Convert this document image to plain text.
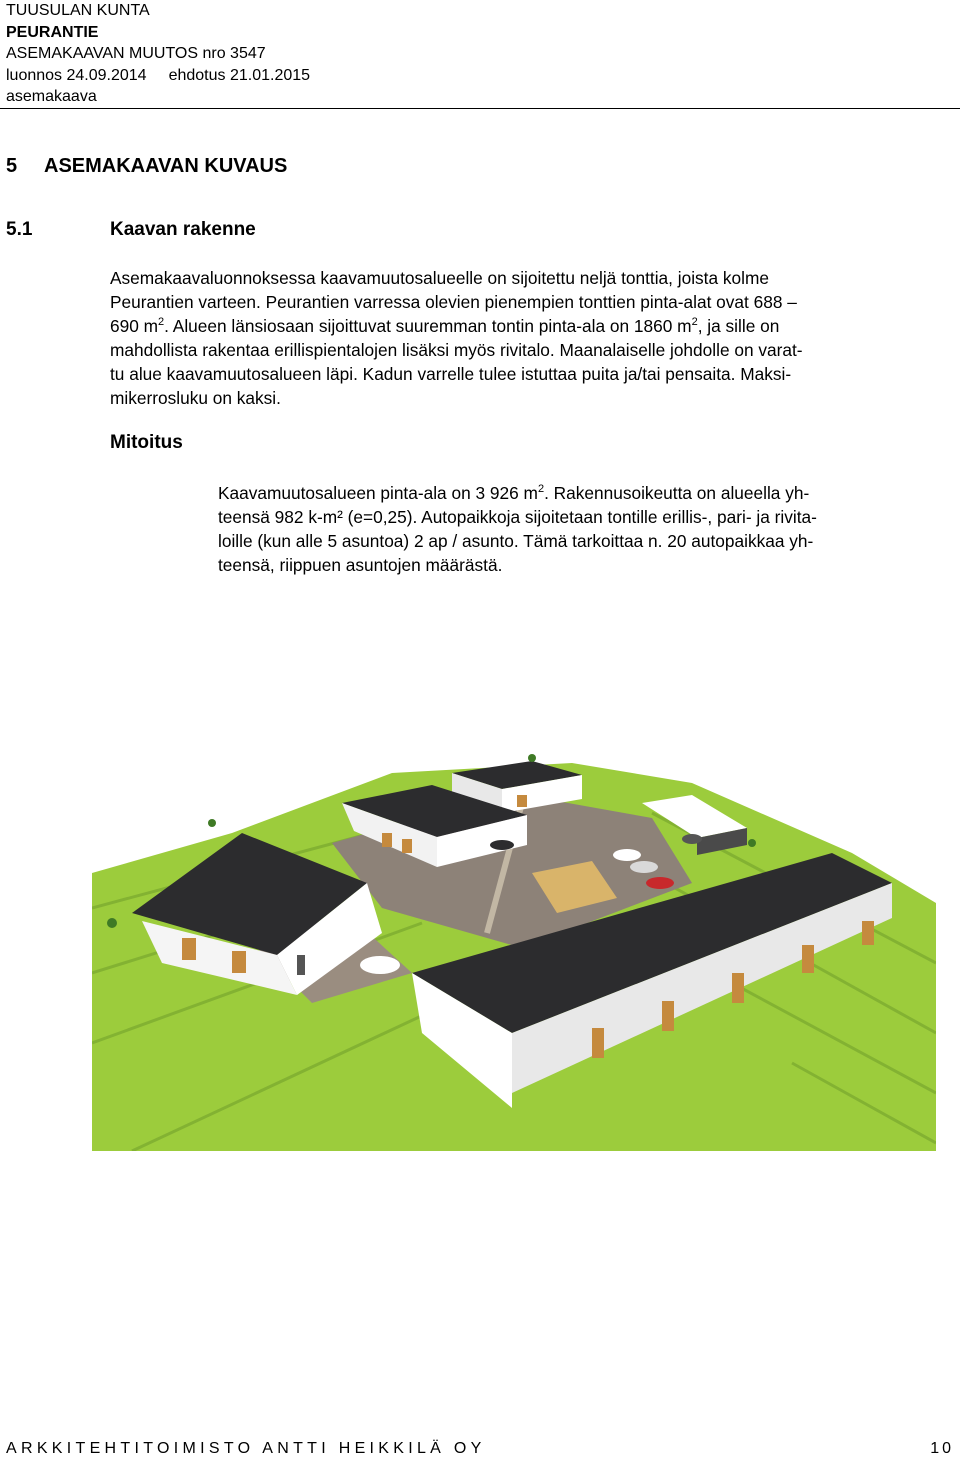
TUUSULAN KUNTA
PEURANTIE
ASEMAKAAVAN MUUTOS nro 3547
luonnos 24.09.2014 ehdotus 21.01.2015
asemakaava
5 ASEMAKAAVAN KUVAUS
5.1	Kaavan rakenne

Asemakaavaluonnoksessa kaavamuutosalueelle on sijoitettu neljä tonttia, joista kolme
Peurantien varteen. Peurantien varressa olevien pienempien tonttien pinta-alat ovat 688 –
690 $m^2$. Alueen länsiosaan sijoittuvat suuremman tontin pinta-ala on 1860 $m^2$, ja sille on
mahdollista rakentaa erillispientalojen lisäksi myös rivitalo. Maanalaiselle johdolle on varat-
tu alue kaavamuutosalueen läpi. Kadun varrelle tulee istuttaa puita ja/tai pensaita. Maksi-
mikerrosluku on kaksi.

Mitoitus

Kaavamuutosalueen pinta-ala on 3 926 $m^2$. Rakennusoikeutta on alueella yh-
teensä 982 k-m² (e=0,25). Autopaikkoja sijoitetaan tontille erillis-, pari- ja rivita-
loille (kun alle 5 asuntoa) 2 ap / asunto. Tämä tarkoittaa n. 20 autopaikkaa yh-
teensä, riippuen asuntojen määrästä.

ARKKITEHTITOIMISTO ANTTI HEIKKILÄ OY	10
